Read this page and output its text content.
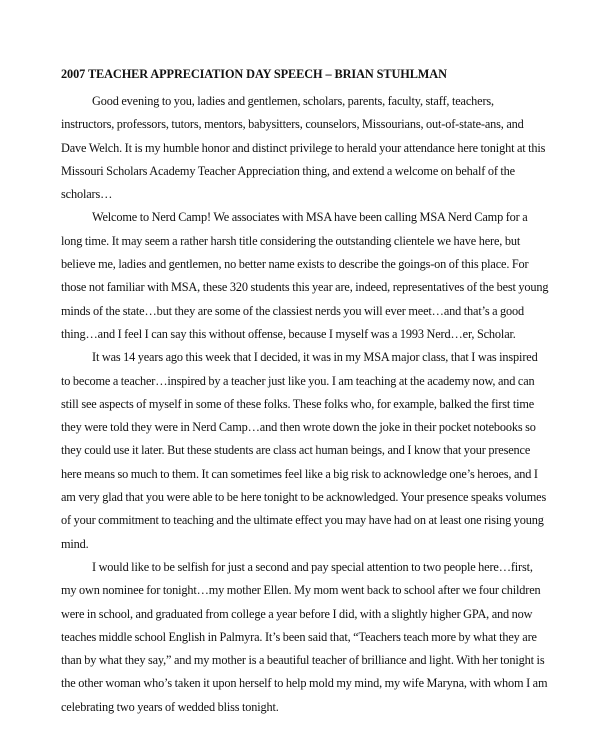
2007 TEACHER APPRECIATION DAY SPEECH – BRIAN STUHLMAN

Good evening to you, ladies and gentlemen, scholars, parents, faculty, staff, teachers, instructors, professors, tutors, mentors, babysitters, counselors, Missourians, out-of-state-ans, and Dave Welch. It is my humble honor and distinct privilege to herald your attendance here tonight at this Missouri Scholars Academy Teacher Appreciation thing, and extend a welcome on behalf of the scholars…

Welcome to Nerd Camp! We associates with MSA have been calling MSA Nerd Camp for a long time. It may seem a rather harsh title considering the outstanding clientele we have here, but believe me, ladies and gentlemen, no better name exists to describe the goings-on of this place. For those not familiar with MSA, these 320 students this year are, indeed, representatives of the best young minds of the state…but they are some of the classiest nerds you will ever meet…and that’s a good thing…and I feel I can say this without offense, because I myself was a 1993 Nerd…er, Scholar.

It was 14 years ago this week that I decided, it was in my MSA major class, that I was inspired to become a teacher…inspired by a teacher just like you. I am teaching at the academy now, and can still see aspects of myself in some of these folks. These folks who, for example, balked the first time they were told they were in Nerd Camp…and then wrote down the joke in their pocket notebooks so they could use it later. But these students are class act human beings, and I know that your presence here means so much to them. It can sometimes feel like a big risk to acknowledge one’s heroes, and I am very glad that you were able to be here tonight to be acknowledged. Your presence speaks volumes of your commitment to teaching and the ultimate effect you may have had on at least one rising young mind.

I would like to be selfish for just a second and pay special attention to two people here…first, my own nominee for tonight…my mother Ellen. My mom went back to school after we four children were in school, and graduated from college a year before I did, with a slightly higher GPA, and now teaches middle school English in Palmyra. It’s been said that, “Teachers teach more by what they are than by what they say,” and my mother is a beautiful teacher of brilliance and light. With her tonight is the other woman who’s taken it upon herself to help mold my mind, my wife Maryna, with whom I am celebrating two years of wedded bliss tonight.
